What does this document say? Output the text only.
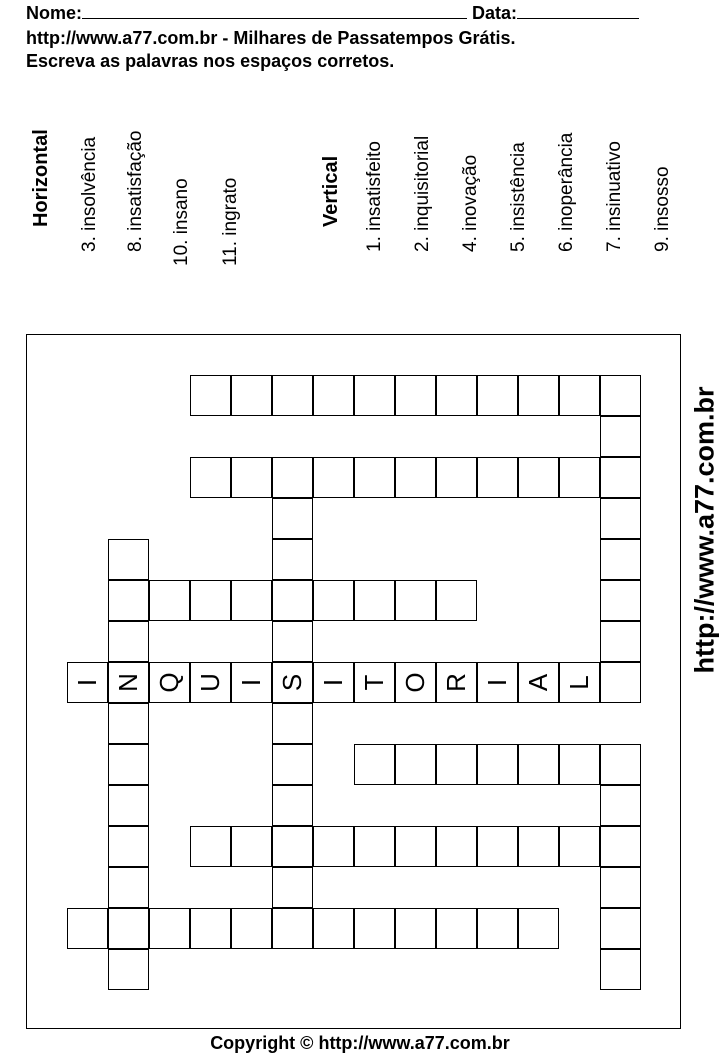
Nome:	Data:
http://www.a77.com.br - Milhares de Passatempos Grátis.
Escreva as palavras nos espaços corretos.
Horizontal 3. insolvência 8. insatisfação 10. insano 11. ingrato	Vertical 1. insatisfeito 2. inquisitorial 4. inovação 5. insistência 6. inoperância 7. insinuativo 9. insosso
I N Q U I S I T O R I A L
http://www.a77.com.br
Copyright © http://www.a77.com.br
